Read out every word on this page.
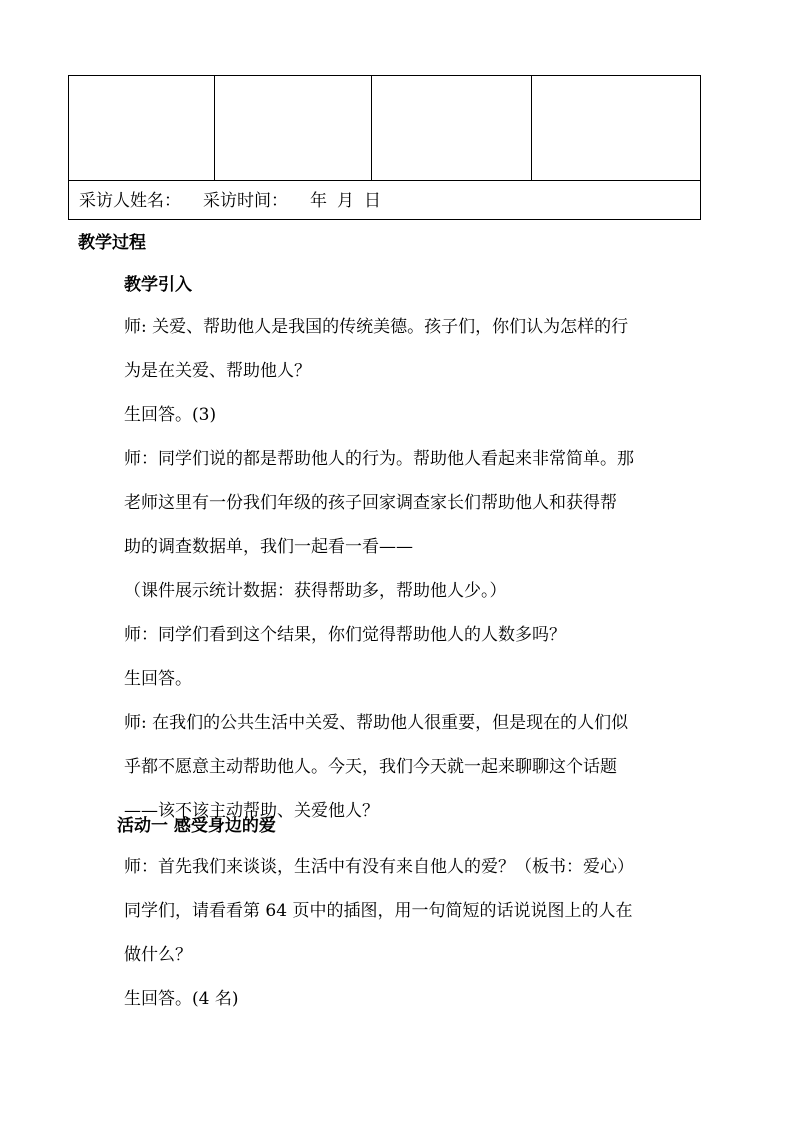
采访人姓名： 采访时间： 年 月 日
教学过程
教学引入
师: 关爱、帮助他人是我国的传统美德。孩子们，你们认为怎样的行
为是在关爱、帮助他人？
生回答。(3)
师：同学们说的都是帮助他人的行为。帮助他人看起来非常简单。那
老师这里有一份我们年级的孩子回家调查家长们帮助他人和获得帮
助的调查数据单，我们一起看一看——
（课件展示统计数据：获得帮助多，帮助他人少。）
师：同学们看到这个结果，你们觉得帮助他人的人数多吗？
生回答。
师: 在我们的公共生活中关爱、帮助他人很重要，但是现在的人们似
乎都不愿意主动帮助他人。今天，我们今天就一起来聊聊这个话题
——该不该主动帮助、关爱他人？
活动一 感受身边的爱
师：首先我们来谈谈，生活中有没有来自他人的爱？（板书：爱心）
同学们，请看看第 64 页中的插图，用一句简短的话说说图上的人在
做什么？
生回答。(4 名)
